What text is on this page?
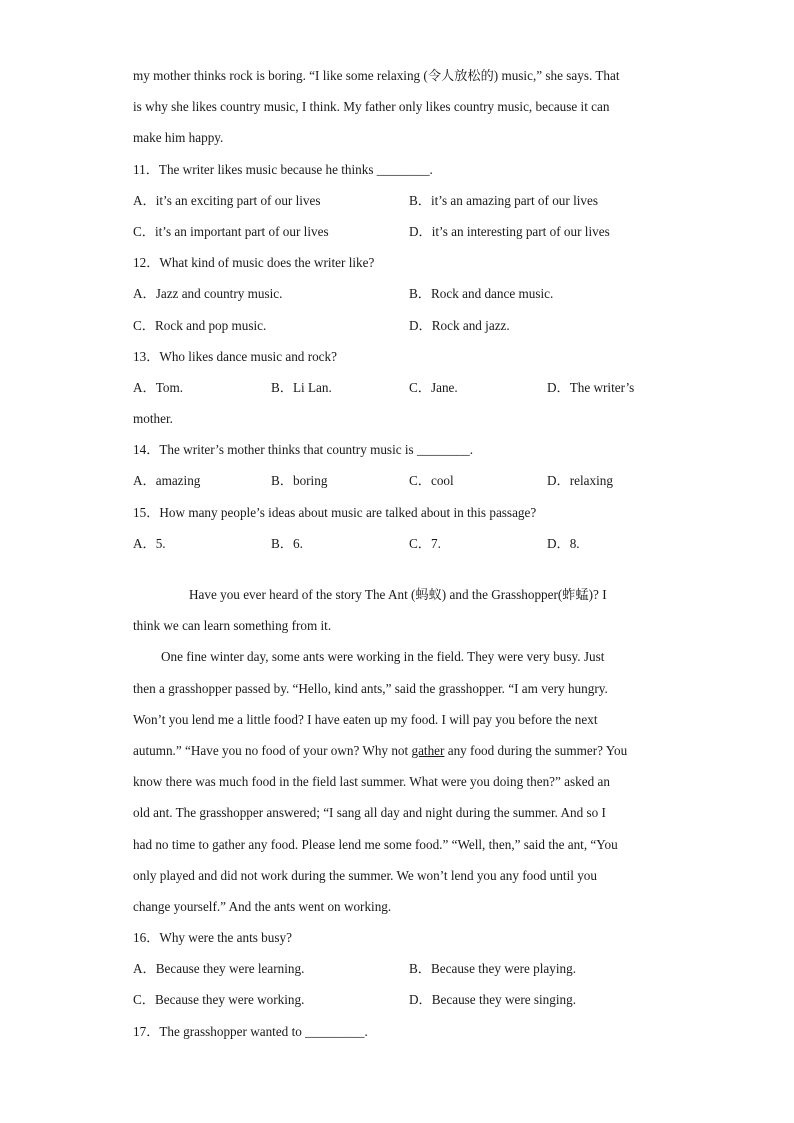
my mother thinks rock is boring. “I like some relaxing (令人放松的) music,” she says. That
is why she likes country music, I think. My father only likes country music, because it can
make him happy.
11．The writer likes music because he thinks ________.
A．it’s an exciting part of our lives	B．it’s an amazing part of our lives
C．it’s an important part of our lives	D．it’s an interesting part of our lives
12．What kind of music does the writer like?
A．Jazz and country music.	B．Rock and dance music.
C．Rock and pop music.	D．Rock and jazz.
13．Who likes dance music and rock?
A．Tom.	B．Li Lan.	C．Jane.	D．The writer’s
mother.
14．The writer’s mother thinks that country music is ________.
A．amazing	B．boring	C．cool	D．relaxing
15．How many people’s ideas about music are talked about in this passage?
A．5.	B．6.	C．7.	D．8.
Have you ever heard of the story The Ant (蚂蚁) and the Grasshopper(蚱蜢)? I
think we can learn something from it.
One fine winter day, some ants were working in the field. They were very busy. Just
then a grasshopper passed by. “Hello, kind ants,” said the grasshopper. “I am very hungry.
Won’t you lend me a little food? I have eaten up my food. I will pay you before the next
autumn.” “Have you no food of your own? Why not gather any food during the summer? You
know there was much food in the field last summer. What were you doing then?” asked an
old ant. The grasshopper answered; “I sang all day and night during the summer. And so I
had no time to gather any food. Please lend me some food.” “Well, then,” said the ant, “You
only played and did not work during the summer. We won’t lend you any food until you
change yourself.” And the ants went on working.
16．Why were the ants busy?
A．Because they were learning.	B．Because they were playing.
C．Because they were working.	D．Because they were singing.
17．The grasshopper wanted to _________.
